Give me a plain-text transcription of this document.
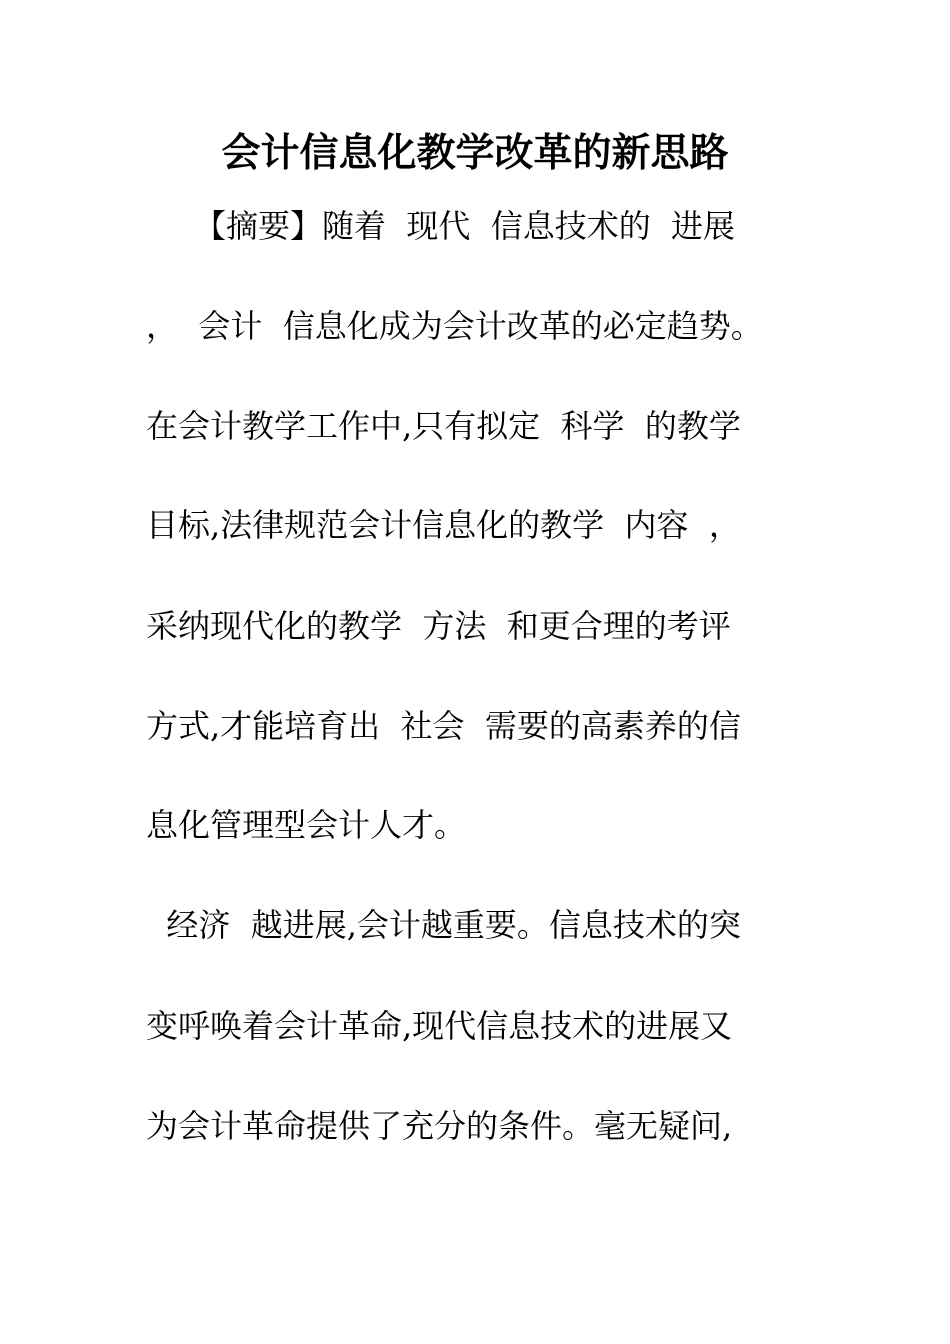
会计信息化教学改革的新思路
　　【摘要】随着  现代  信息技术的  进展
，  会计  信息化成为会计改革的必定趋势。
在会计教学工作中,只有拟定  科学  的教学
目标,法律规范会计信息化的教学  内容  ，
采纳现代化的教学  方法  和更合理的考评
方式,才能培育出  社会  需要的高素养的信
息化管理型会计人才。
经济  越进展,会计越重要。信息技术的突
变呼唤着会计革命,现代信息技术的进展又
为会计革命提供了充分的条件。毫无疑问,
